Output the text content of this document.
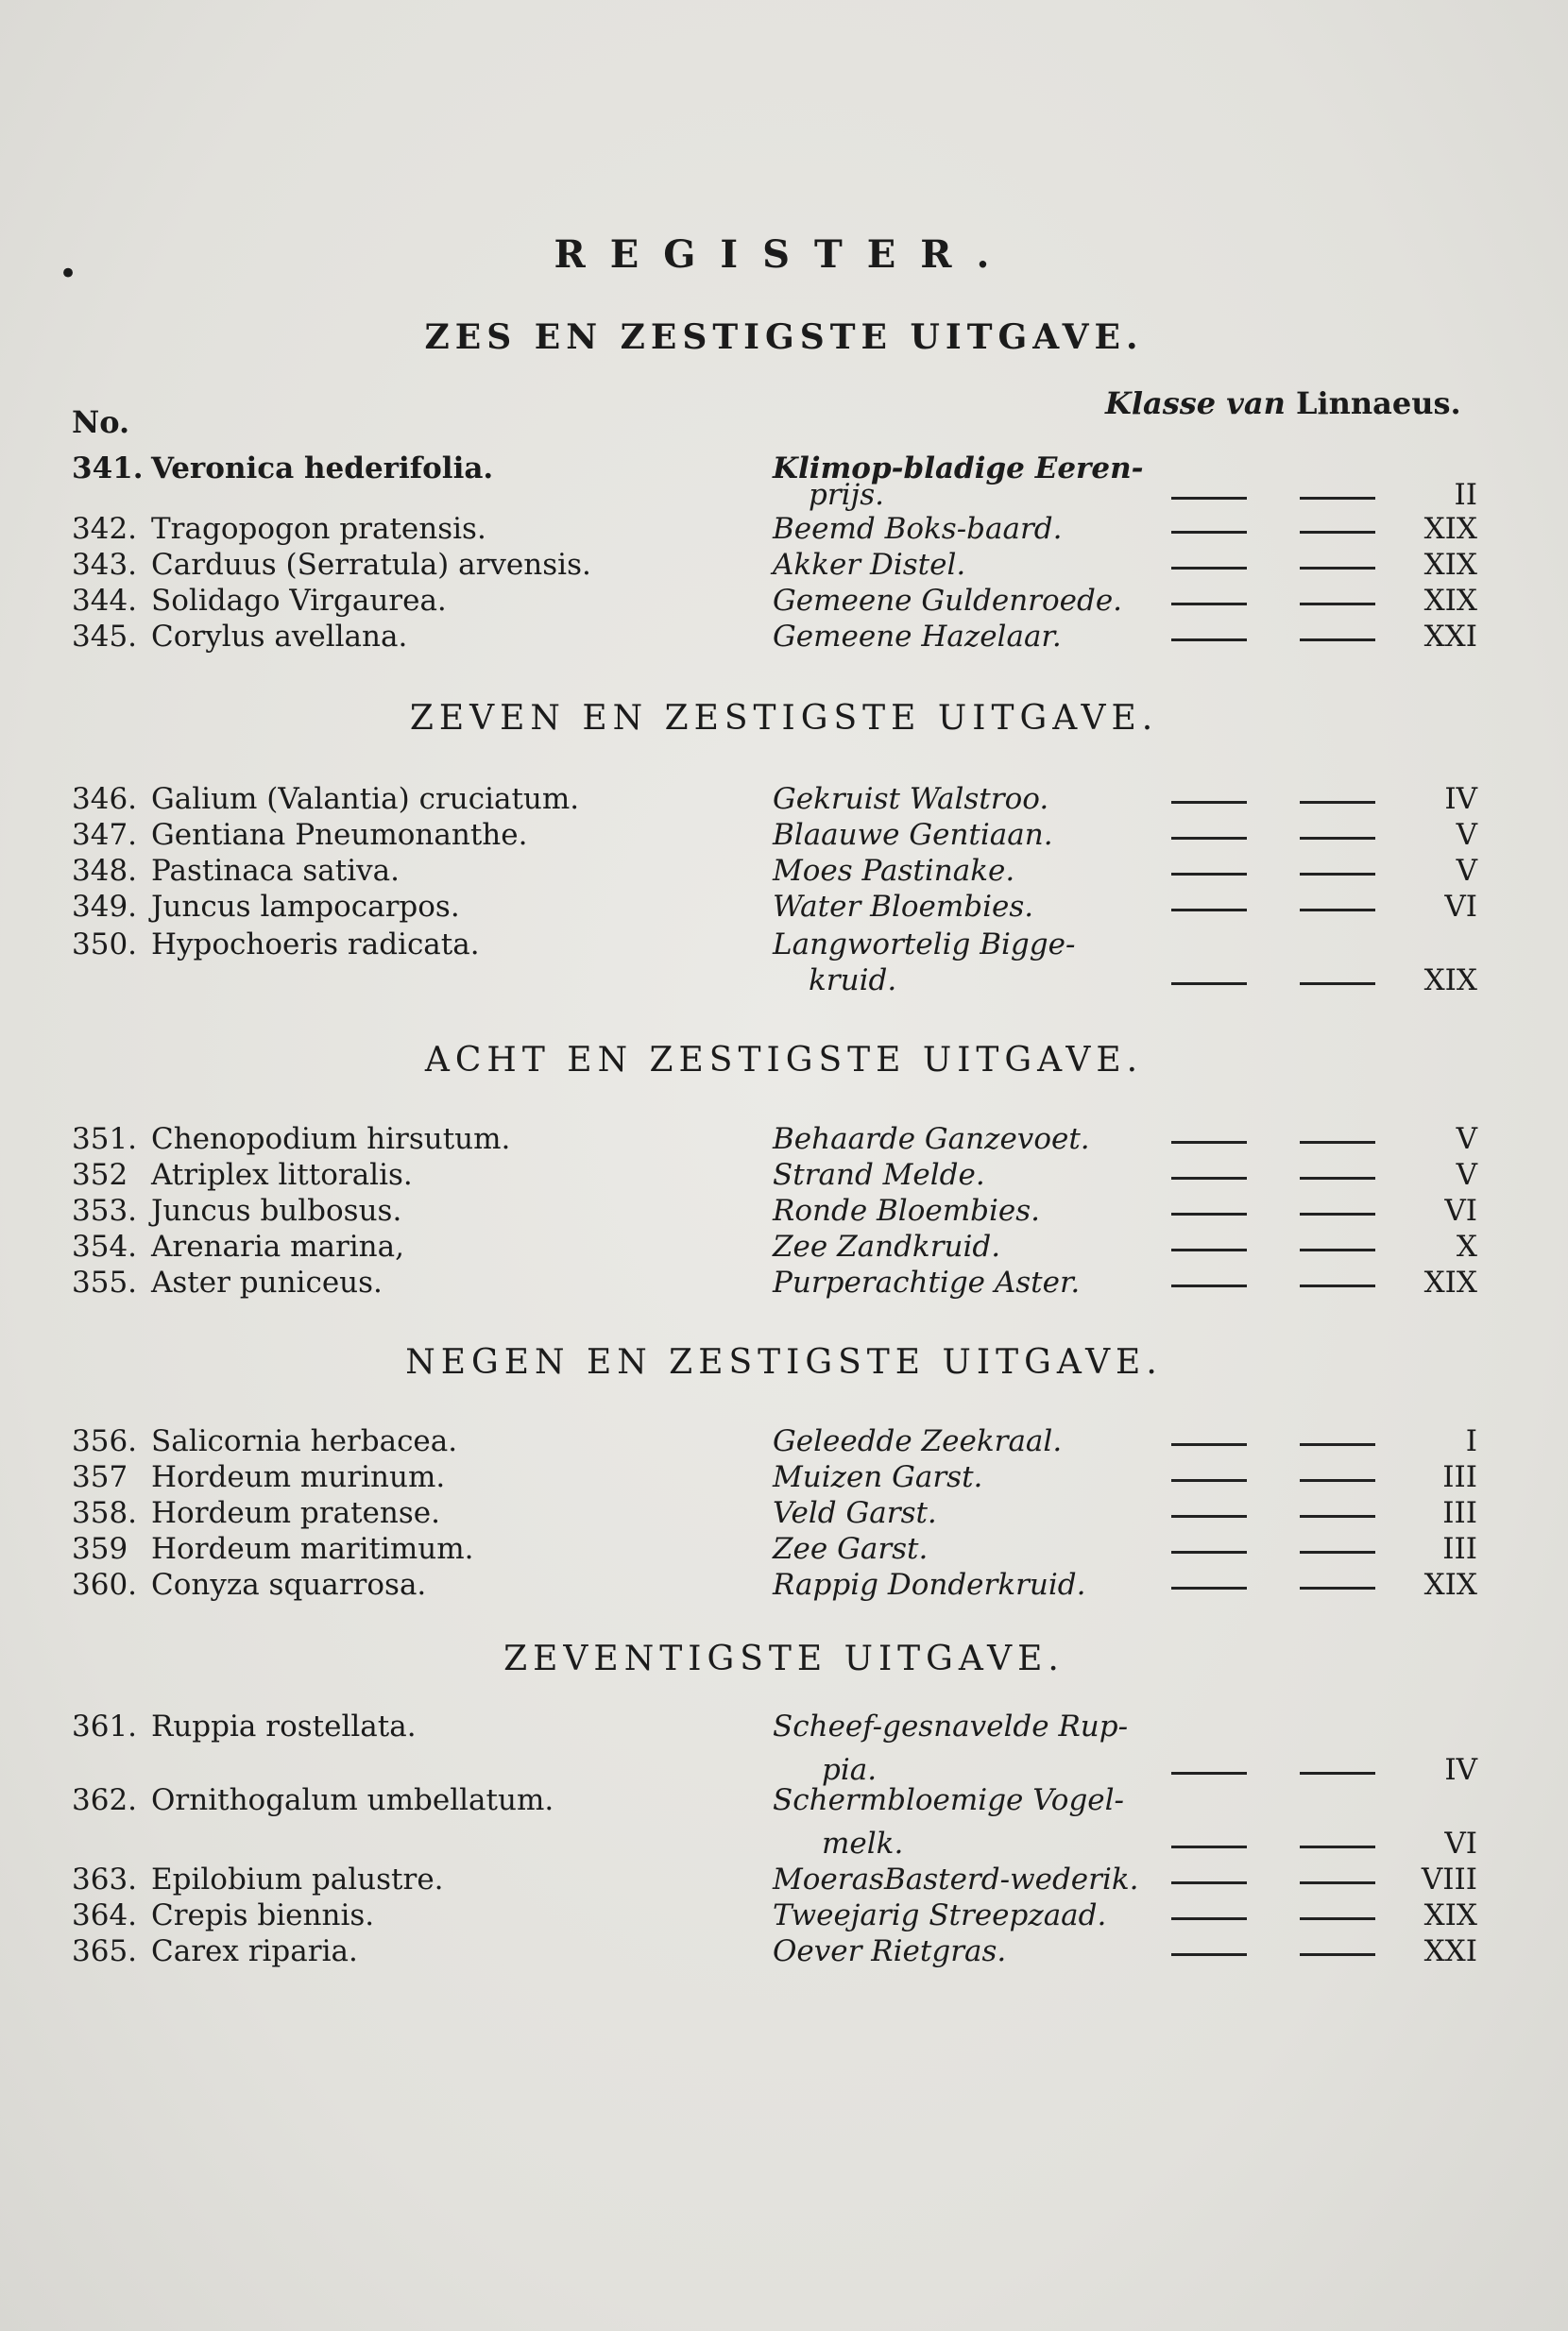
•	REGISTER.
ZES EN ZESTIGSTE UITGAVE.
No.
Klasse van Linnaeus.
341. Veronica hederifolia.	Klimop-bladige Eeren-
prijs.	II
342. Tragopogon pratensis.	Beemd Boks-baard.	XIX
343. Carduus (Serratula) arvensis.	Akker Distel.	XIX
344. Solidago Virgaurea.	Gemeene Guldenroede.	XIX
345. Corylus avellana.	Gemeene Hazelaar.	XXI
ZEVEN EN ZESTIGSTE UITGAVE.
346. Galium (Valantia) cruciatum.	Gekruist Walstroo.	IV
347. Gentiana Pneumonanthe.	Blaauwe Gentiaan.	V
348. Pastinaca sativa.	Moes Pastinake.	V
349. Juncus lampocarpos.	Water Bloembies.	VI
350. Hypochoeris radicata.	Langwortelig Bigge-
kruid.	XIX
ACHT EN ZESTIGSTE UITGAVE.
351. Chenopodium hirsutum.	Behaarde Ganzevoet.	V
352 Atriplex littoralis.	Strand Melde.	V
353. Juncus bulbosus.	Ronde Bloembies.	VI
354. Arenaria marina,	Zee Zandkruid.	X
355. Aster puniceus.	Purperachtige Aster.	XIX
NEGEN EN ZESTIGSTE UITGAVE.
356. Salicornia herbacea.	Geleedde Zeekraal.	I
357 Hordeum murinum.	Muizen Garst.	III
358. Hordeum pratense.	Veld Garst.	III
359 Hordeum maritimum.	Zee Garst.	III
360. Conyza squarrosa.	Rappig Donderkruid.	XIX
ZEVENTIGSTE UITGAVE.
361. Ruppia rostellata.	Scheef-gesnavelde Rup-
pia.	IV
362. Ornithogalum umbellatum.	Schermbloemige Vogel-
melk.	VI
363. Epilobium palustre.	MoerasBasterd-wederik.	VIII
364. Crepis biennis.	Tweejarig Streepzaad.	XIX
365. Carex riparia.	Oever Rietgras.	XXI
